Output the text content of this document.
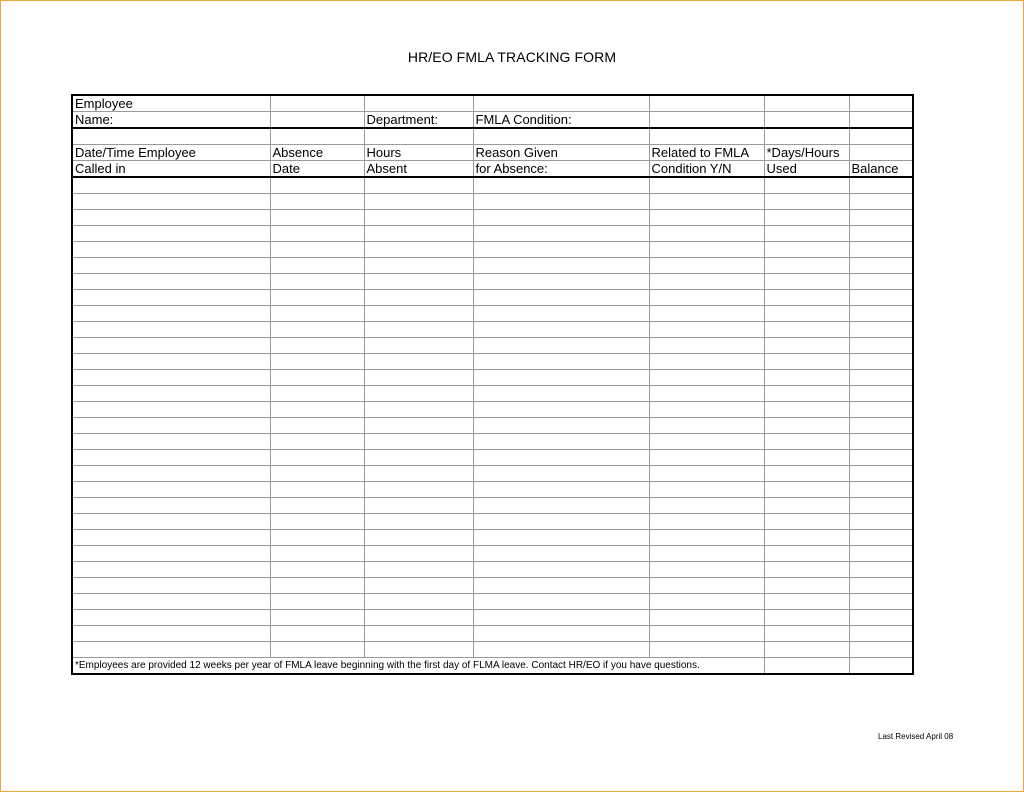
HR/EO FMLA TRACKING FORM
Employee						
Name:		Department:	FMLA Condition:			

Date/Time Employee	Absence	Hours	Reason Given	Related to FMLA	*Days/Hours	
Called in	Date	Absent	for Absence:	Condition Y/N	Used	Balance

*Employees are provided 12 weeks per year of FMLA leave beginning with the first day of FLMA leave. Contact HR/EO if you have questions.						
Last Revised April 08
